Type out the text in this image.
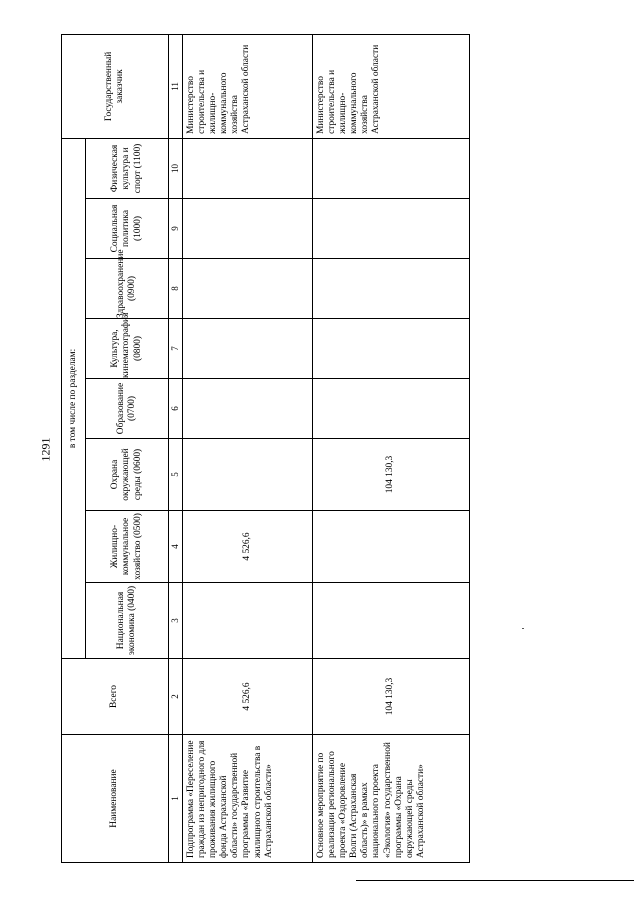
1291
Наименование	Всего	в том числе по разделам:								Государственный заказчик
		Национальная экономика (0400)	Жилищно-коммунальное хозяйство (0500)	Охрана окружающей среды (0600)	Образование (0700)	Культура, кинематография (0800)	Здравоохранение (0900)	Социальная политика (1000)	Физическая культура и спорт (1100)	
1	2	3	4	5	6	7	8	9	10	11
Подпрограмма «Переселение граждан из непригодного для проживания жилищного фонда Астраханской области» государственной программы «Развитие жилищного строительства в Астраханской области»	4 526,6		4 526,6							Министерство строительства и жилищно-коммунального хозяйства Астраханской области
Основное мероприятие по реализации регионального проекта «Оздоровление Волги (Астраханская область)» в рамках национального проекта «Экология» государственной программы «Охрана окружающей среды Астраханской области»	104 130,3			104 130,3						Министерство строительства и жилищно-коммунального хозяйства Астраханской области
